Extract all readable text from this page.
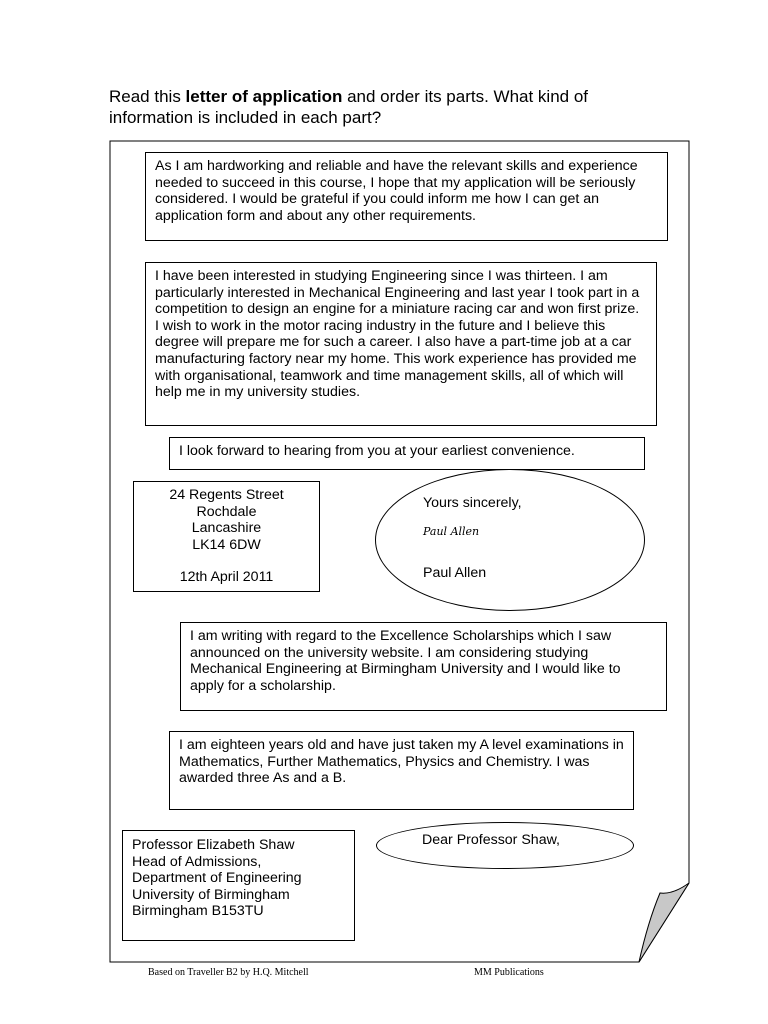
Read this letter of application and order its parts. What kind of information is included in each part?
As I am hardworking and reliable and have the relevant skills and experience needed to succeed in this course, I hope that my application will be seriously considered. I would be grateful if you could inform me how I can get an application form and about any other requirements.
I have been interested in studying Engineering since I was thirteen. I am particularly interested in Mechanical Engineering and last year I took part in a competition to design an engine for a miniature racing car and won first prize. I wish to work in the motor racing industry in the future and I believe this degree will prepare me for such a career. I also have a part-time job at a car manufacturing factory near my home. This work experience has provided me with organisational, teamwork and time management skills, all of which will help me in my university studies.
I look forward to hearing from you at your earliest convenience.
24 Regents Street
Rochdale
Lancashire
LK14 6DW
12th April 2011
Yours sincerely,
Paul Allen
Paul Allen
I am writing with regard to the Excellence Scholarships which I saw announced on the university website. I am considering studying Mechanical Engineering at Birmingham University and I would like to apply for a scholarship.
I am eighteen years old and have just taken my A level examinations in Mathematics, Further Mathematics, Physics and Chemistry. I was awarded three As and a B.
Professor Elizabeth Shaw
Head of Admissions,
Department of Engineering
University of Birmingham
Birmingham B153TU
Dear Professor Shaw,
Based on Traveller B2 by H.Q. Mitchell	MM Publications
